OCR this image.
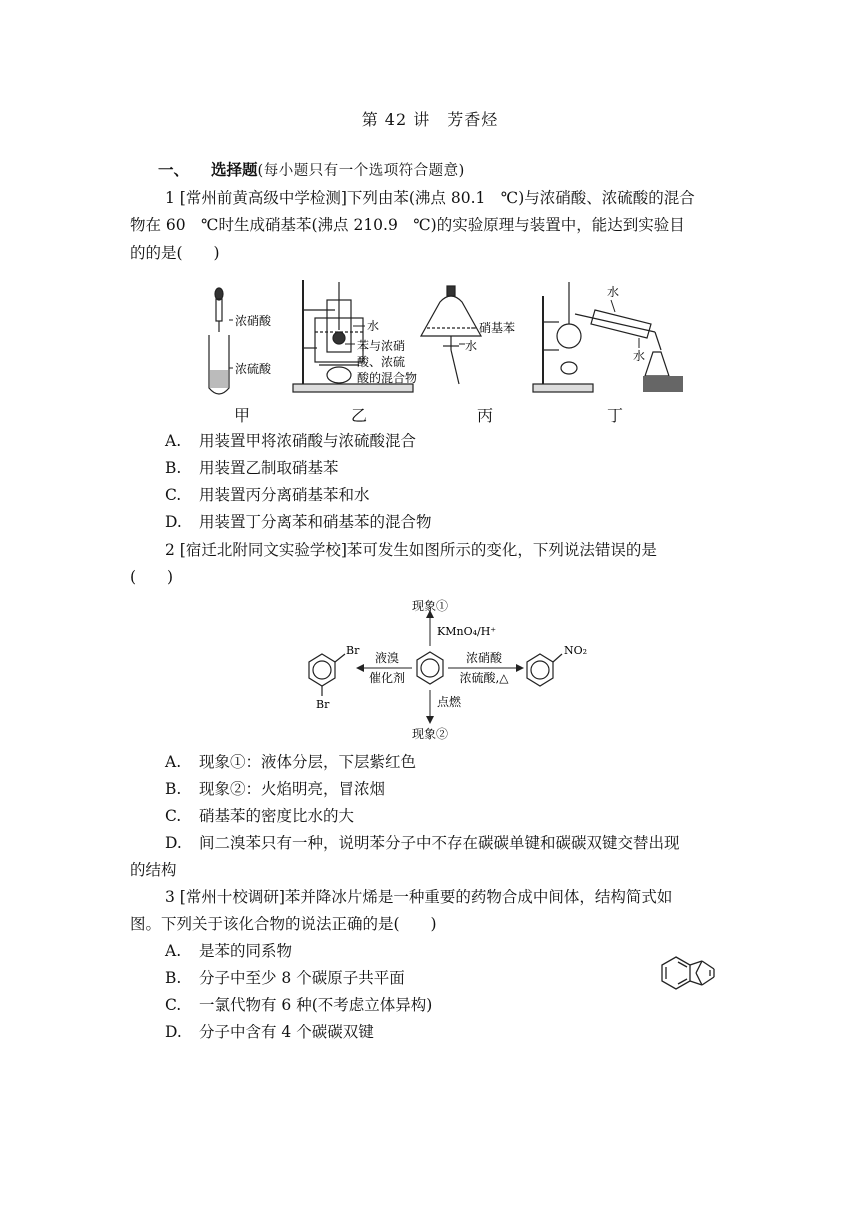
第 42 讲　芳香烃
一、 选择题(每小题只有一个选项符合题意)
1 [常州前黄高级中学检测]下列由苯(沸点 80.1　℃)与浓硝酸、浓硫酸的混合
物在 60　℃时生成硝基苯(沸点 210.9　℃)的实验原理与装置中，能达到实验目
的的是(　　)
浓硝酸
浓硫酸
水
苯与浓硝
酸、浓硫
酸的混合物
硝基苯
水
水
水
甲	乙	丙	丁
A. 用装置甲将浓硝酸与浓硫酸混合
B. 用装置乙制取硝基苯
C. 用装置丙分离硝基苯和水
D. 用装置丁分离苯和硝基苯的混合物
2 [宿迁北附同文实验学校]苯可发生如图所示的变化，下列说法错误的是
(　　)
现象①
KMnO₄/H⁺
点燃
现象②
液溴
催化剂
浓硝酸
浓硫酸,△
Br
Br
NO₂
A. 现象①：液体分层，下层紫红色
B. 现象②：火焰明亮，冒浓烟
C. 硝基苯的密度比水的大
D. 间二溴苯只有一种，说明苯分子中不存在碳碳单键和碳碳双键交替出现
的结构
3 [常州十校调研]苯并降冰片烯是一种重要的药物合成中间体，结构简式如
图。下列关于该化合物的说法正确的是(　　)
A. 是苯的同系物
B. 分子中至少 8 个碳原子共平面
C. 一氯代物有 6 种(不考虑立体异构)
D. 分子中含有 4 个碳碳双键
